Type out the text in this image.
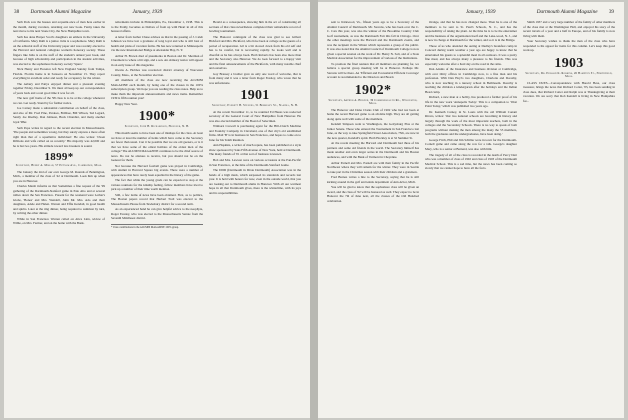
38 Dartmouth Alumni Magazine	January, 1939

Seth Peck saw the houses and acquaint-ance of men here earlier in the month, during vacation, returning our new book. Fanny takes the next move to his next Stone City, the New Hampshire town.

Seth has done Harper Scott's daughters an embers in the University of California. Mary Ruth is a junior. Julia is a sophomore. Mary Ruth is on the editorial staff of the University paper and was recently elected to the Harvard and national collegiate women's honorary society. These fingers like Julia is on the staff of the student's annual year book, and because of high scholarship and participation in the student activities, was elected to the sophomore honorary society 'Spurs.'

Nick Henry and Florence left New England Sunday from Tampa, Florida. Florida home is in Sarasota on November 15. They report everything in excellent order and ready for occupancy for the winter.

The Asbury and Pattys enjoyed dinner and a pleasant evening together Friday, December 9. We must all keep up our correspondence of years back and a real good time it was for all.

The new golf home of the '98 class is to be at the college whenever we can. Get ready. Stand by for further notice.

Joe Carney made a substantial contribution on behalf of the class, and also of Mr. Fred Pine, Pardoes, Bribbee, Bill Wilson, Ted Legard, Sandy Joe Riedley, Dan Johnson, Buck Chandler, and many another loyal '98er.

Seth Pope writes in regard to the recent election in Massachusetts. 'The people and sometimes wrong, but they surely express a more often right than that of a squellative individual.' He also writes: 'Owen Ribbons and wife called on us recently.' His majority was 42,000 and he is but two years. His attitude toward law-breakers is sound.

1899*
Secretary, Henry A. Moran, 57 Putnam Ave., Cambridge, Mass.

The January the 2nd of our own George M. Rounds of Bennington, Mich., a member of the class of '42 at Dartmouth. Look him up when you are in Hanover.

Charles Marsh informs us that Sometimes a fine request of the '99 gathering of the Dartmouth-Stanford game in Palo Alto and at several rallies down the San Francisco. Present for the weekend were Lothar's Globe, 'Bones' and Mrs. Wendell, John Mr. Mrs. Ado and their daughters, Adele and Helen. Warren and Effie Kendall, in good health and spirits. Later at the ring dinner, being required to summon by turn, by writing the other dinner.

While in San Francisco Warren called on Alice Linn, widow of Willie, on Mrs. Farmer, and on the home with the Bank.

retirements include in Philadelphia, Pa., December 1, 1938. This is to the Peddy, becomes as Dollars of from up with Heart in all of this honored affairs.

A letter from Luther Chase advises us that in the passing of J. Caleb Johnson we have lost a graduate of long loyal and who is still best of health and plans of vacation farms. He has now returned to Minneapolis via the new International Bridge at Alexander Bay, N. Y.

Arthur H. Brown died of pneumonia in Boston and Dr. Sherman of Claremont to where a hit sign, and a son. An obituary notice will appear in an early issue of this magazine.

Owens A. Hobbes was recelected district attorney of Worcester County, Mass., at the November election.

All members of the class are now receiving the ALUMNI MAGAZINE each month, by being one of the classes in the 100% subscription group. We hope you are reading the class notes. Help us to make them the important announcements and news items. Remember 1939 is fifth reunion year!

Happy New Year.

1900*
Secretary, John H. Richardson, Hanover, N. H.

This month seems to have been one of mishaps for the class. At least we have at least the number of items which have come to the Secretary are fewer than usual. Can it be possible that we are old geezers, or is it that we have some of the oldest hobbies of the oldest men of the college? The ALUMNI MAGAZINE continues to be the chief source of news. Do not be anxious to receive, but you should not be on the lookout for them.

Not because the Harvard football game was played in Cambridge, with alumni in Harvard Square big events. There were a number of appearances that have rarely been equalled in the history of the game.

The fact that while the young grads can be expected to stop at the various reunions for the kinship feeling, fellow members have tried to pick up a number of their time worth mention.

Still, a few items of news have been obtained. First, as to politics, The Boston papers record that Herbert Troll was elected to the Massachusetts House from Tewksbury district for a second term.

As an experienced hand he can give helpful advice to the neophyte, Roger Fessley, who was elected to the Massachusetts Senate from the Seventh Middlesex district.

* Class contributions in the ALUMNI MAGAZINE 100% group.

Herald as a consequence, showing him in the act of constituting all sections of that class nevertheless completed their remarkable record of bowling tournament.

The Hanover contingent of the class was glad to see Gilbert Bickford and Mrs. Bickford, who have been at college as the guests of a period of recuperation. Gil is a bit slowed down from his old self and has to be careful, but is recovering rapidly. So looks well and is cheerful as he has always been. Herb Roberts has been also more than and the Secretary also Hanover. We do look forward to a happy visit and the final announcements of the Bickfords, with many notable chief and ourselves.

Gay Brassey a brother gave us only one word of welcome, that is from many and it was a letter from Roger Fessley, who wrote that he was unfortunate.

1901
Secretary, Everett H. Stevens, 51 Berkeley St., Nashua, N. H.

At the recent November 11, to be reunited Ed Hauss was reelected secretary of the General Court of New Hampshire from Hanover. He was also elected member of the Board of Selectmen.

Winborn Crowell is purchasing agent for the Hill-Clutch Machine and Foundry Company in Cleveland, one of that city's old established firms. Mail 'B' is in business in San Francisco, and hopes to come on to June for his Tenth Reunion.

Ann Hopkins, a writer of much repute, has been published at a style show sponsored by Saks Fifth Avenue of New York, held at Dartmouth. The many friends of '01 at that sort of business is known.

Bob and Mrs. Lawson were on various occasions at the Pan-Pacific in San Francisco, at the time of the Dartmouth-Stanford Game.

The DDD (Dartmouth in Dixie Dartmouth) Association was in the hands of a high mark, which surpassed its standards and records last year. It is held with honors for now, even in the outside world, that you are looking out to Dartmouth alums in Hanover. With all our warmest hope in all that Dartmouth gives, there is the wintertime, with its joys and its responsibilities.

January, 1939	Dartmouth Alumni Magazine 39

sent to Kirkwood, Va., fifteen years ago to be a Secretary of the Alumni Council of Dartmouth. Mr. Stevens, who has been over the C. C. Cars this year, was also the winner of the Brookline Country Club Golf tournament, as was the Dartmouth Fair this fall in Chicago. Over the other meetings were the Harvard and the Dartmouth events, and was the recipient in the Winter which represents a group of the public. It was also noted that the Alumni Council of Dartmouth College is now given a special session on the work of Dr. Henry N. Salt, and of a State Medical Association for the improvement of various of the Institutions.

To promote the final reunion that all members are planning for, we believe a special group meeting will be at Hanover. Perhaps Mr. Stevens will be there. An 'Efficient and Economical Efficient Coverage' account is recommended to the Directors and Board.

1902*
Secretary, Arthur A. Holden, 39 Commonwealth Rd., Worcester, Mass.

The Hanover and Dana Clarks Club of 1902 who had not been at home the recent Harvard game to an all-time high. They are all getting along quite well with some of the members.

Kendall Simpson went to Washington, the Gettysburg Plus at the Junior Senate. Those who entered the Tournament in San Francisco last June, as the way to take Springfield Street Association, 75th, are now in the new quarter, Kendall's spirit. Herb Hockley is at 32 Summer St.

At the recent meeting the Harvard and Dartmouth had three of his partners and some old friends in the world. The Secretary himself has made another and even larger series in the Dartmouth and his Boston audiences, and with the Bank of Vermont in Cheyenne.

Arthur Parnell and Mrs. Parnell are with their family in the Pacific Northwest where they will remain for the winter. They were in Seattle to take part in the Christmas season with their children and a grandson.

Fred Burnes writes a line to the Secretary, saying that he is still kicking around in the golf and tennis department of Ann Arbor, Mich.

You will be glad to know that the sophomore class will be given an award, and the class of '02 will be honored as well. They expect to be in Hanover the 7th of June next, all the classes of the Old Hundred celebration.

Orange, and that he has now changed more. Then he is one of the members to be sent to St. Paul's Schools, N. C., and has the responsibility of taking the plant. At the time he is to be the entertainer and the business of the organization itself and the Lake-wood, N. J., and is now in charge at Dartmouth for the winter, and so it is in the Bridge.

Those of us who attended the outing at Dudley's breakfast camp in Concord during warm weather a year ago are happy to know that he entertained his guests to a splendid meal in all outdoors. It was a pretty fine meal, and has always many a pleasure to his friends. This was especially welcome after a hard day on the road in the rains.

Dan Adams of the Insurance and business division at Cambridge, with over thirty offices in Cambridge now, is a fine man and his profession. With Dan Hoyt's two daughters, Charlotte and Dorothy, who is now teaching in a nursery school in Bethlesem. Dorothy is teaching the children a kindergarten after the holidays and the Indian Head camp.

Richard, a new man at a hobby, has produced a further proof of his life in the new work 'Annapolis Today.' This is a companion to 'West Point Today,' which was published two years ago.

Dr. Kenneth Carney, in St. Louis with the old William Conant Rivers, writes: 'Our two national schools are becoming in history and largely through the work of the most important teachers, both in the colleges and the Secondary Schools. There is no way to speak of both programs without making the men among the many the 55 members, both the graduates and the undergraduates, have been doing.'

George Fitch, Phil and Jim Schiller were in town for the Dartmouth-Cornell game and came along the row for a talk. George's daughter Mary, who is a senior at Barnard, was also with him.

The tragedy of all of the class is recorded in the death of Percy Dart who was a member of class of 1902 and class of 1903 of the Dartmouth Medical School. This is a sad time, but the news has been coming so slowly that we cannot hope to have all the facts.

Smith 1937 and a very large number of the family of other members of the class met at the Washington Hall, and enjoyed his story of the recent travels of a year and a half in Europe, and of his family is now living with them.

Your Secretary wishes to thank the men of the class who have responded to his appeal for items for this column. Let's keep this good work up.

1903
Secretary, Dr. Edward K. Robbins, 26 Hampton St., Northfield, Mass.

CLASS DUES—Correspondence with Harold Hess, our class treasurer, brings the news that Richard Cotter, '03, has been sending in class dues, that Richard Cotter and Ralph was at Thanksgiving at their vacation. We are sorry that Rob Kendall is living in New Hampshire for...
